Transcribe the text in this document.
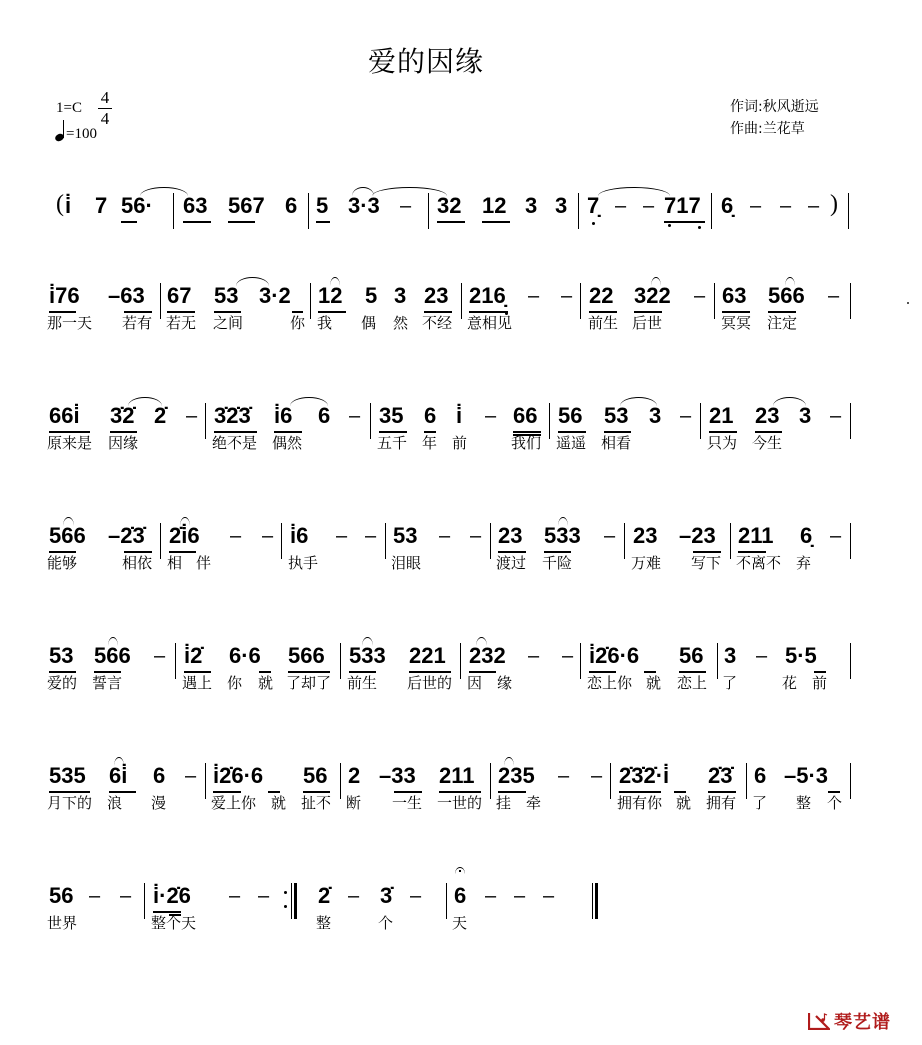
爱的因缘
1=C
4
4
=100
作词:秋风逝远
作曲:兰花草
( i̇ 7 56· 63 567 6 5 3·3 – 32 12 3 3 7̣ – – 717 6̣ – – – )
i̇76 –63 67 53 3·2 12 5 3 23 216̣ – – 22 322 – 63 566 –
那一天 若有 若无 之间	你 我 偶 然 不经 意相见	前生 后世	冥冥 注定
66i̇ 3̇2̇ 2̇ – 3̇2̇3̇ i̇6 6 – 35 6 i̇ – 66 56 53 3 – 21 23 3 –
原来是 因缘	绝不是 偶然	五千 年 前	我们 遥遥 相看	只为 今生
566 –2̇3̇ 2̇i̇6 – – i̇6 – – 53 – – 23 533 – 23 –23 211 6̣ –
能够	相依 相 伴	执手	泪眼	渡过 千险	万难 写下 不离不 弃
53 566 – i̇2̇ 6·6 566 533 221 232 – – i̇2̇6·6 56 3 – 5·5
爱的 誓言	遇上 你 就 了却了 前生 后世的 因 缘	恋上你 就 恋上 了	花 前
535 6i̇ 6 – i̇2̇6·6 56 2 –33 211 235 – – 2̇3̇2̇·i̇ 2̇3̇ 6 –5·3
月下的 浪 漫	爱上你 就 扯不 断 一生 一世的 挂 牵	拥有你 就 拥有 了 整 个
56 – – i̇·2̇6 – – 2̇ – 3̇ – 6 – – –
世界	整 个天	整	个	天
琴艺谱
